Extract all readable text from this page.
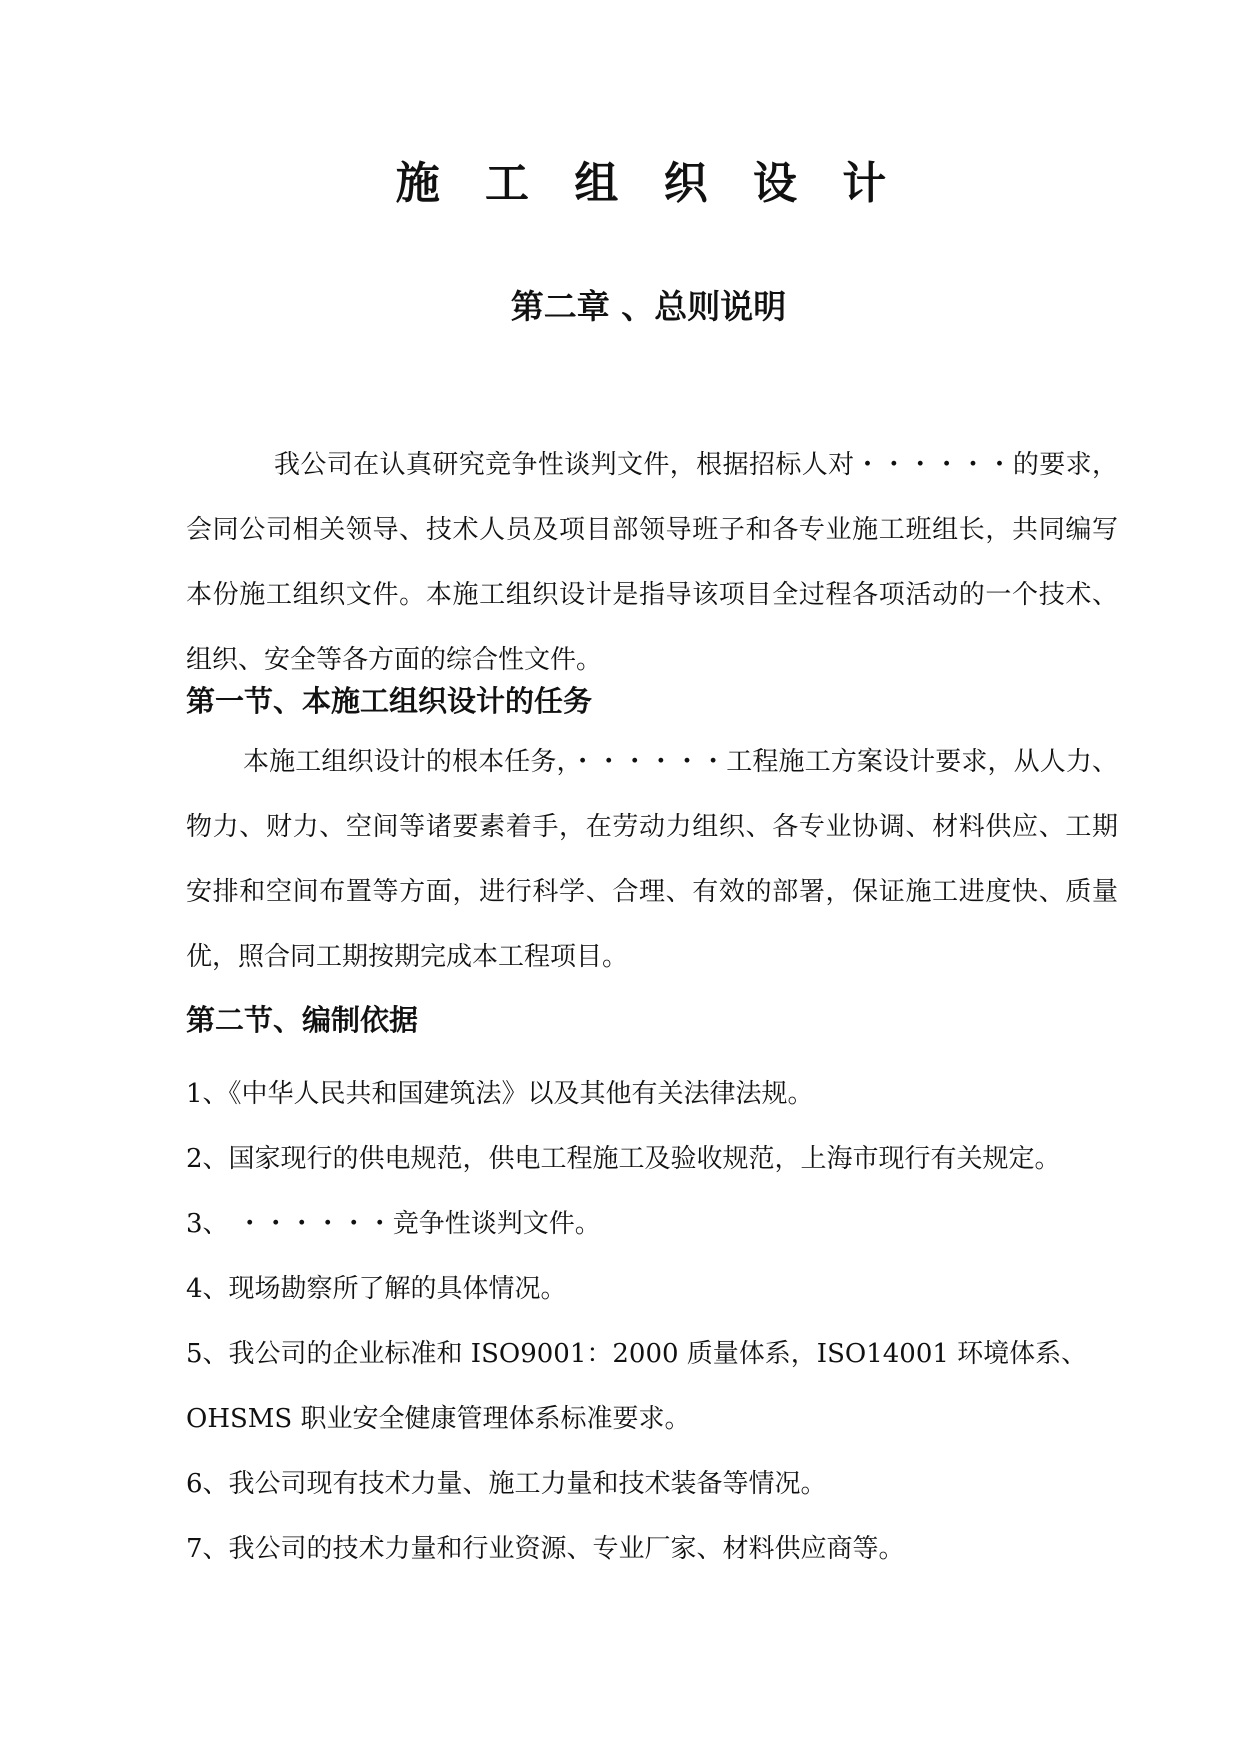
施 工 组 织 设 计
第二章 、总则说明

我公司在认真研究竞争性谈判文件，根据招标人对・・・・・・的要求，会同公司相关领导、技术人员及项目部领导班子和各专业施工班组长，共同编写本份施工组织文件。本施工组织设计是指导该项目全过程各项活动的一个技术、组织、安全等各方面的综合性文件。

第一节、本施工组织设计的任务

本施工组织设计的根本任务，・・・・・・工程施工方案设计要求，从人力、物力、财力、空间等诸要素着手，在劳动力组织、各专业协调、材料供应、工期安排和空间布置等方面，进行科学、合理、有效的部署，保证施工进度快、质量优，照合同工期按期完成本工程项目。

第二节、编制依据
1、《中华人民共和国建筑法》以及其他有关法律法规。
2、国家现行的供电规范，供电工程施工及验收规范，上海市现行有关规定。
3、 ・・・・・・竞争性谈判文件。
4、现场勘察所了解的具体情况。
5、我公司的企业标准和 ISO9001：2000 质量体系，ISO14001 环境体系、
OHSMS 职业安全健康管理体系标准要求。
6、我公司现有技术力量、施工力量和技术装备等情况。
7、我公司的技术力量和行业资源、专业厂家、材料供应商等。
